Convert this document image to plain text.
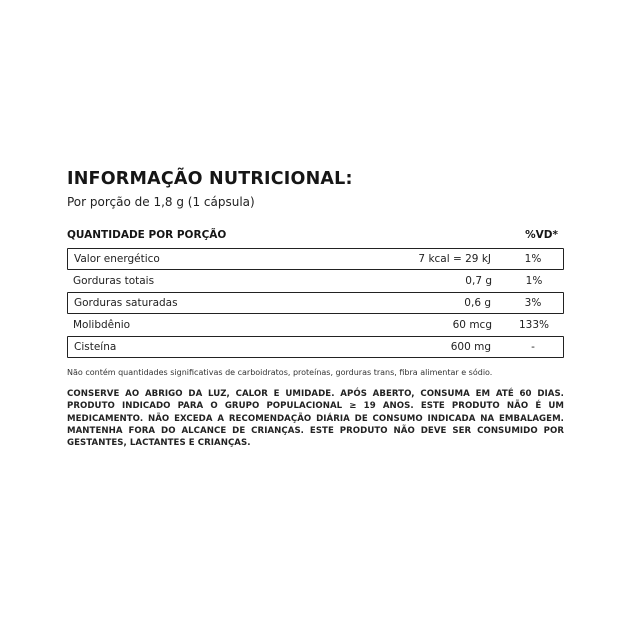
INFORMAÇÃO NUTRICIONAL:
Por porção de 1,8 g (1 cápsula)
QUANTIDADE POR PORÇÃO	%VD*
Valor energético	7 kcal = 29 kJ	1%
Gorduras totais	0,7 g	1%
Gorduras saturadas	0,6 g	3%
Molibdênio	60 mcg	133%
Cisteína	600 mg	-
Não contém quantidades significativas de carboidratos, proteínas, gorduras trans, fibra alimentar e sódio.
CONSERVE AO ABRIGO DA LUZ, CALOR E UMIDADE. APÓS ABERTO, CONSUMA EM ATÉ 60 DIAS. PRODUTO INDICADO PARA O GRUPO POPULACIONAL ≥ 19 ANOS. ESTE PRODUTO NÃO É UM MEDICAMENTO. NÃO EXCEDA A RECOMENDAÇÃO DIÁRIA DE CONSUMO INDICADA NA EMBALAGEM. MANTENHA FORA DO ALCANCE DE CRIANÇAS. ESTE PRODUTO NÃO DEVE SER CONSUMIDO POR GESTANTES, LACTANTES E CRIANÇAS.
